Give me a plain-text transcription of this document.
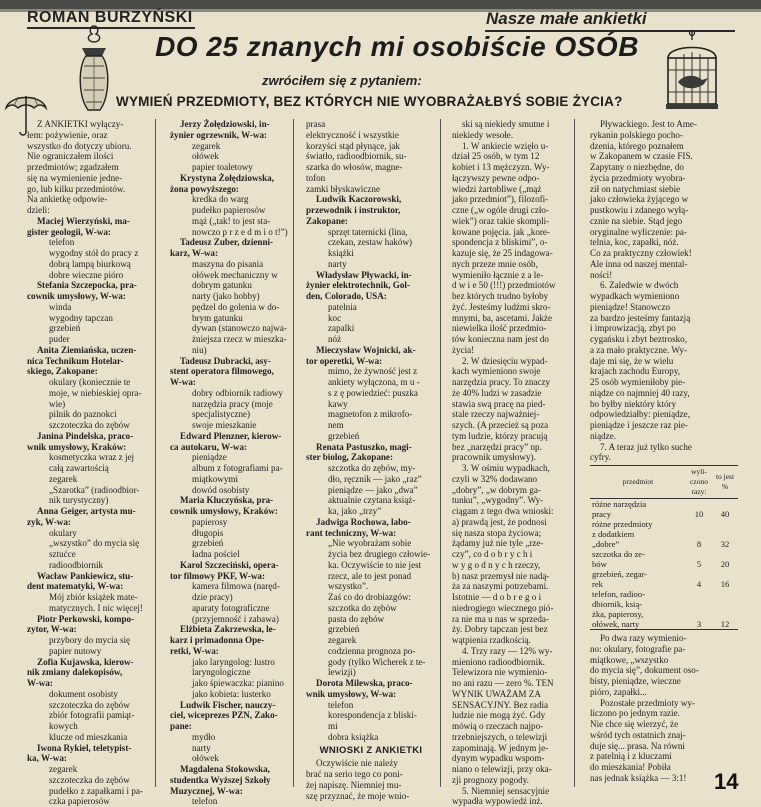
ROMAN BURZYŃSKI	Nasze małe ankietki
DO 25 znanych mi osobiście OSÓB
zwróciłem się z pytaniem:
WYMIEŃ PRZEDMIOTY, BEZ KTÓRYCH NIE WYOBRAŻAŁBYŚ SOBIE ŻYCIA?
Z ANKIETKI wyłączy-
łem: pożywienie, oraz
wszystko do dotyczy ubioru.
Nie ograniczałem ilości
przedmiotów; zgadzałem
się na wymienienie jedne-
go, lub kilku przedmiotów.
Na ankietkę odpowie-
dzieli:
Maciej Wierzyński, ma-
gister geologii, W-wa:
telefon
wygodny stół do pracy z
dobrą lampą biurkową
dobre wieczne pióro
Stefania Szczepocka, pra-
cownik umysłowy, W-wa:
winda
wygodny tapczan
grzebień
puder
Anita Ziemiańska, uczen-
nica Technikum Hotelar-
skiego, Zakopane:
okulary (koniecznie te
moje, w niebieskiej opra-
wie)
pilnik do paznokci
szczoteczka do zębów
Janina Pindelska, praco-
wnik umysłowy, Kraków:
kosmetyczka wraz z jej
całą zawartością
zegarek
„Szarotka” (radioodbior-
nik turystyczny)
Anna Geiger, artysta mu-
zyk, W-wa:
okulary
„wszystko” do mycia się
sztućce
radioodbiornik
Wacław Pankiewicz, stu-
dent matematyki, W-wa:
Mój zbiór książek mate-
matycznych. I nic więcej!
Piotr Perkowski, kompo-
zytor, W-wa:
przybory do mycia się
papier nutowy
Zofia Kujawska, kierow-
nik zmiany dalekopisów,
W-wa:
dokument osobisty
szczoteczka do zębów
zbiór fotografii pamiąt-
kowych
klucze od mieszkania
Iwona Rykiel, teletypist-
ka, W-wa:
zegarek
szczoteczka do zębów
pudełko z zapałkami i pa-
czka papierosów
Jerzy Żołędziowski, in-
żynier ogrzewnik, W-wa:
zegarek
ołówek
papier toaletowy
Krystyna Żołędziowska,
żona powyższego:
kredka do warg
pudełko papierosów
mąż („tak! to jest sta-
nowczo p r z e d m i o t!”)
Tadeusz Zuber, dzienni-
karz, W-wa:
maszyna do pisania
ołówek mechaniczny w
dobrym gatunku
narty (jako hobby)
pędzel do golenia w do-
brym gatunku
dywan (stanowczo najwa-
żniejsza rzecz w mieszka-
niu)
Tadeusz Dubracki, asy-
stent operatora filmowego,
W-wa:
dobry odbiornik radiowy
narzędzia pracy (moje
specjalistyczne)
swoje mieszkanie
Edward Plenzner, kierow-
ca autokaru, W-wa:
pieniądze
album z fotografiami pa-
miątkowymi
dowód osobisty
Maria Kluczyńska, pra-
cownik umysłowy, Kraków:
papierosy
długopis
grzebień
ładna pościel
Karol Szczeciński, opera-
tor filmowy PKF, W-wa:
kamera filmowa (naręd-
dzie pracy)
aparaty fotograficzne
(przyjemność i zabawa)
Elżbieta Zakrzewska, le-
karz i primadonna Ope-
retki, W-wa:
jako laryngolog: lustro
laryngologiczne
jako śpiewaczka: pianino
jako kobieta: lusterko
Ludwik Fischer, nauczy-
ciel, wiceprezes PZN, Zako-
pane:
mydło
narty
ołówek
Magdalena Stokowska,
studentka Wyższej Szkoły
Muzycznej, W-wa:
telefon
prasa
elektryczność i wszystkie
korzyści stąd płynące, jak
światło, radioodbiornik, su-
szarka do włosów, magne-
tofon
zamki błyskawiczne
Ludwik Kaczorowski,
przewodnik i instruktor,
Zakopane:
sprzęt taternicki (lina,
czekan, zestaw haków)
książki
narty
Władysław Pływacki, in-
żynier elektrotechnik, Gol-
den, Colorado, USA:
patelnia
koc
zapalki
nóż
Mieczysław Wojnicki, ak-
tor operetki, W-wa:
mimo, że żywność jest z
ankiety wyłączona, m u -
s z ę powiedzieć: puszka
kawy
magnetofon z mikrofo-
nem
grzebień
Renata Pastuszko, magi-
ster biolog, Zakopane:
szczotka do zębów, my-
dło, ręcznik — jako „raz”
pieniądze — jako „dwa”
aktualnie czytana książ-
ka, jako „trzy”
Jadwiga Rochowa, labo-
rant techniczny, W-wa:
„Nie wyobrażam sobie
życia bez drugiego człowie-
ka. Oczywiście to nie jest
rzecz, ale to jest ponad
wszystko”.
Zaś co do drobiazgów:
szczotka do zębów
pasta do zębów
grzebień
zegarek
codzienna prognoza po-
gody (tylko Wicherek z te-
lewizji)
Dorota Milewska, praco-
wnik umysłowy, W-wa:
telefon
korespondencja z bliski-
mi
dobra książka
WNIOSKI Z ANKIETKI
Oczywiście nie należy
brać na serio tego co poni-
żej napiszę. Niemniej mu-
szę przyznać, że moje wnio-
ski są niekiedy smutne i
niekiedy wesołe.
1. W ankiecie wzięło u-
dział 25 osób, w tym 12
kobiet i 13 mężczyzn. Wy-
łączywszy pewne odpo-
wiedzi żartobliwe („mąż
jako przedmiot”), filozofi-
czne („w ogóle drugi czło-
wiek”) oraz takie skompli-
kowane pojęcia. jak „kore-
spondencja z bliskimi”, o-
kazuje się, że 25 indagowa-
nych przeze mnie osób,
wymieniło łącznie z a le-
d w i e 50 (!!!) przedmiotów
bez których trudno byłoby
żyć. Jesteśmy ludźmi skro-
mnymi, ba, ascetami. Jakże
niewielka ilość przedmio-
tów konieczna nam jest do
życia!
2. W dziesięciu wypad-
kach wymieniono swoje
narzędzia pracy. To znaczy
że 40% ludzi w zasadzie
stawia swą pracę na pied-
stale rzeczy najważniej-
szych. (A przecież są poza
tym ludzie, którzy pracują
bez „narzędzi pracy” np.
pracownik umysłowy).
3. W ośmiu wypadkach,
czyli w 32% dodawano
„dobry”, „w dobrym ga-
tunku”, „wygodny”. Wy-
ciągam z tego dwa wnioski:
a) prawdą jest, że podnosi
się nasza stopa życiowa;
żądamy już nie tyle „rze-
czy”, co d o b r y c h i
w y g o d n y c h rzeczy,
b) nasz przemysł nie nadą-
ża za naszymi potrzebami.
Istotnie — d o b r e g o i
niedrogiego wiecznego pió-
ra nie ma u nas w sprzeda-
ży. Dobry tapczan jest bez
wątpienia rzadkością.
4. Trzy razy — 12% wy-
mieniono radioodbiornik.
Telewizora nie wymienio-
no ani razu — zero %. TEN
WYNIK UWAŻAM ZA
SENSACYJNY. Bez radia
ludzie nie mogą żyć. Gdy
mówią o rzeczach najpo-
trzebniejszych, o telewizji
zapominają. W jednym je-
dynym wypadku wspom-
niano o telewizji, przy oka-
zji prognozy pogody.
5. Niemniej sensacyjnie
wypadła wypowiedź inż.
Pływackiego. Jest to Ame-
rykanin polskiego pocho-
dzenia, którego poznałem
w Zakopanem w czasie FIS.
Zapytany o niezbędne, do
życia przedmioty wyobra-
ził on natychmiast siebie
jako człowieka żyjącego w
pustkowiu i zdanego wyłą-
cznie na siebie. Stąd jego
oryginalne wyliczenie: pa-
telnia, koc, zapałki, nóż.
Co za praktyczny człowiek!
Ale inna od naszej mental-
ności!
6. Zaledwie w dwóch
wypadkach wymieniono
pieniądze! Stanowczo
za bardzo jesteśmy fantazją
i improwizacją, zbyt po
cygańsku i zbyt beztrosko,
a za mało praktyczne. Wy-
daje mi się, że w wielu
krajach zachodu Europy,
25 osób wymieniłoby pie-
niądze co najmniej 40 razy,
bo byłby niektóry który
odpowiedziałby: pieniądze,
pieniądze i jeszcze raz pie-
niądze.
7. A teraz już tylko suche
cyfry.
przedmiot	wyli-czono razy:	to jest %

różne narzędzia
pracy	10	40

różne przedmioty
z dodatkiem
„dobre”	8	32

szczotka do ze-
bów	5	20

grzebień, zegar-
rek	4	16

telefon, radioo-
dbiornik, ksią-
żka, papierosy,
ołówek, narty	3	12
Po dwa razy wymienio-
no: okulary, fotografie pa-
miątkowe, „wszystko
do mycia się”, dokument oso-
bisty, pieniądze, wieczne
pióro, zapałki...
Pozostałe przedmioty wy-
liczono po jednym razie.
Nie chce się wierzyć, że
wśród tych ostatnich znaj-
duje się... prasa. Na równi
z patelnią i z kluczami
do mieszkania! Pobiła
nas jednak książka — 3:1!	14
